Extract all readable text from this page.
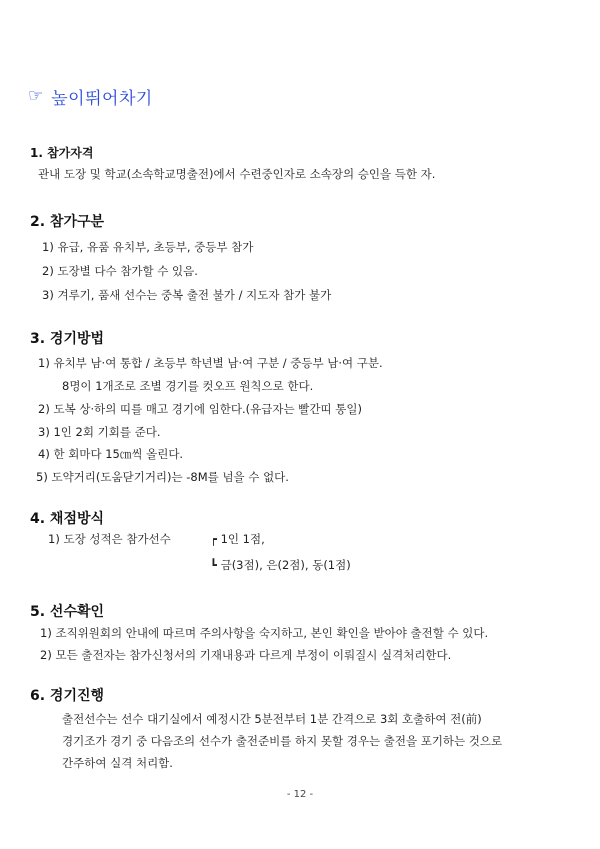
☞ 높이뛰어차기
1. 참가자격
관내 도장 및 학교(소속학교명출전)에서 수련중인자로 소속장의 승인을 득한 자.
2. 참가구분
1) 유급, 유품 유치부, 초등부, 중등부 참가
2) 도장별 다수 참가할 수 있음.
3) 겨루기, 품새 선수는 중복 출전 불가 / 지도자 참가 불가
3. 경기방법
1) 유치부 남·여 통합 / 초등부 학년별 남·여 구분 / 중등부 남·여 구분.
8명이 1개조로 조별 경기를 컷오프 원칙으로 한다.
2) 도복 상·하의 띠를 매고 경기에 임한다.(유급자는 빨간띠 통일)
3) 1인 2회 기회를 준다.
4) 한 회마다 15㎝씩 올린다.
5) 도약거리(도움닫기거리)는 -8M를 넘을 수 없다.
4. 채점방식
1) 도장 성적은 참가선수	┍ 1인 1점,
┗ 금(3점), 은(2점), 동(1점)
5. 선수확인
1) 조직위원회의 안내에 따르며 주의사항을 숙지하고, 본인 확인을 받아야 출전할 수 있다.
2) 모든 출전자는 참가신청서의 기재내용과 다르게 부정이 이뤄질시 실격처리한다.
6. 경기진행
출전선수는 선수 대기실에서 예정시간 5분전부터 1분 간격으로 3회 호출하여 전(前)
경기조가 경기 중 다음조의 선수가 출전준비를 하지 못할 경우는 출전을 포기하는 것으로
간주하여 실격 처리함.
- 12 -
